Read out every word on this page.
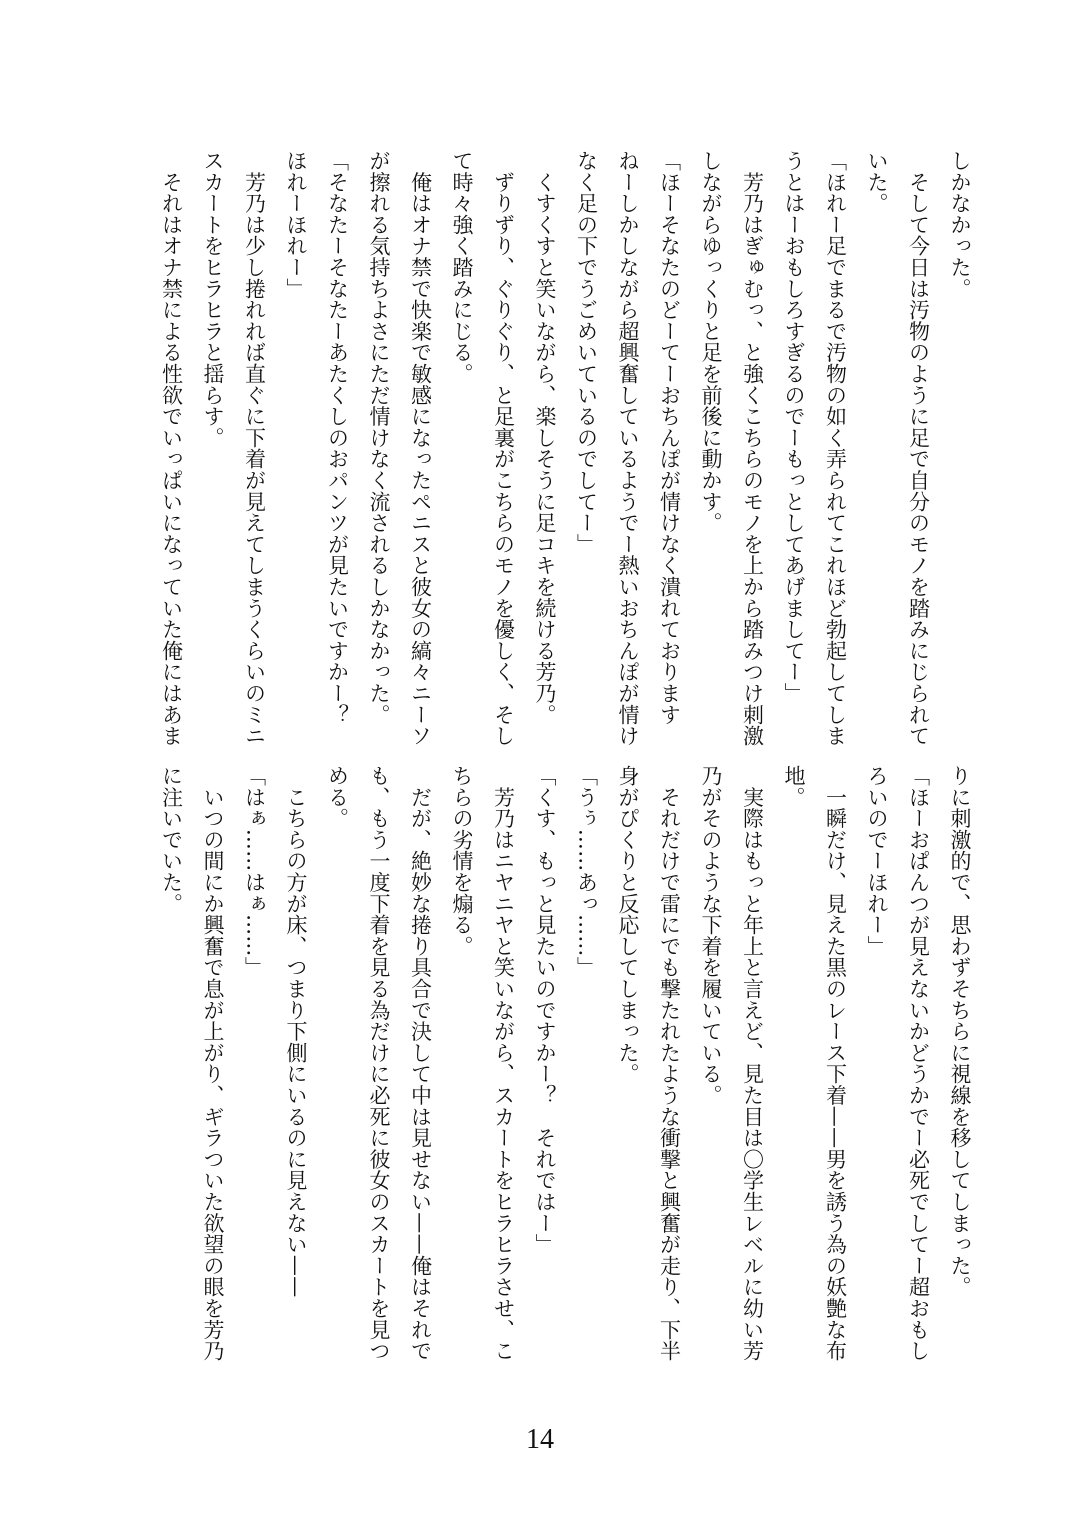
しかなかった。

　そして今日は汚物のように足で自分のモノを踏みにじられて

いた。

「ほれー足でまるで汚物の如く弄られてこれほど勃起してしま

うとはーおもしろすぎるのでーもっとしてあげましてー」

　芳乃はぎゅむっ、と強くこちらのモノを上から踏みつけ刺激

しながらゆっくりと足を前後に動かす。

「ほーそなたのどーてーおちんぽが情けなく潰れております

ねーしかしながら超興奮しているようでー熱いおちんぽが情け

なく足の下でうごめいているのでしてー」

　くすくすと笑いながら、楽しそうに足コキを続ける芳乃。

　ずりずり、ぐりぐり、と足裏がこちらのモノを優しく、そし

て時々強く踏みにじる。

　俺はオナ禁で快楽で敏感になったペニスと彼女の縞々ニーソ

が擦れる気持ちよさにただ情けなく流されるしかなかった。

「そなたーそなたーあたくしのおパンツが見たいですかー？

ほれーほれー」

　芳乃は少し捲れれば直ぐに下着が見えてしまうくらいのミニ

スカートをヒラヒラと揺らす。

　それはオナ禁による性欲でいっぱいになっていた俺にはあま

りに刺激的で、思わずそちらに視線を移してしまった。

「ほーおぱんつが見えないかどうかでー必死でしてー超おもし

ろいのでーほれー」

　一瞬だけ、見えた黒のレース下着——男を誘う為の妖艶な布

地。

　実際はもっと年上と言えど、見た目は〇学生レベルに幼い芳

乃がそのような下着を履いている。

　それだけで雷にでも撃たれたような衝撃と興奮が走り、下半

身がぴくりと反応してしまった。

「うぅ……あっ……」

「くす、もっと見たいのですかー？　それではー」

　芳乃はニヤニヤと笑いながら、スカートをヒラヒラさせ、こ

ちらの劣情を煽る。

　だが、絶妙な捲り具合で決して中は見せない——俺はそれで

も、もう一度下着を見る為だけに必死に彼女のスカートを見つ

める。

　こちらの方が床、つまり下側にいるのに見えない——

「はぁ……はぁ……」

　いつの間にか興奮で息が上がり、ギラついた欲望の眼を芳乃

に注いでいた。

14
